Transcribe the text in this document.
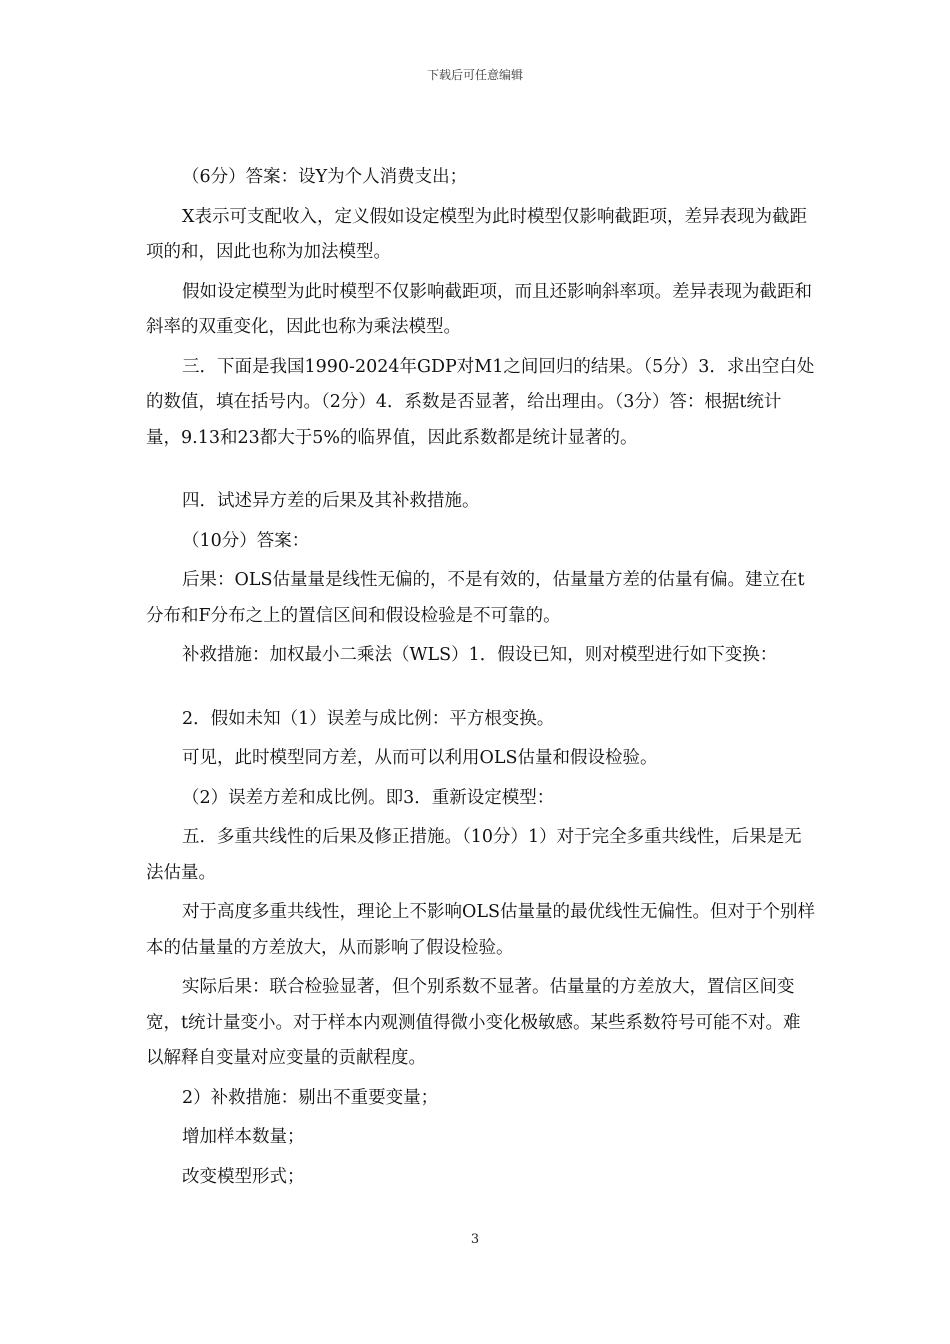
下载后可任意编辑

（6分）答案：设Y为个人消费支出；

X表示可支配收入，定义假如设定模型为此时模型仅影响截距项，差异表现为截距项的和，因此也称为加法模型。

假如设定模型为此时模型不仅影响截距项，而且还影响斜率项。差异表现为截距和斜率的双重变化，因此也称为乘法模型。

三．下面是我国1990-2024年GDP对M1之间回归的结果。（5分）3．求出空白处的数值，填在括号内。（2分）4．系数是否显著，给出理由。（3分）答：根据t统计量，9.13和23都大于5%的临界值，因此系数都是统计显著的。

四．试述异方差的后果及其补救措施。

（10分）答案：

后果：OLS估量量是线性无偏的，不是有效的，估量量方差的估量有偏。建立在t分布和F分布之上的置信区间和假设检验是不可靠的。

补救措施：加权最小二乘法（WLS）1．假设已知，则对模型进行如下变换：

2．假如未知（1）误差与成比例：平方根变换。

可见，此时模型同方差，从而可以利用OLS估量和假设检验。

（2）误差方差和成比例。即3．重新设定模型：

五．多重共线性的后果及修正措施。（10分）1）对于完全多重共线性，后果是无法估量。

对于高度多重共线性，理论上不影响OLS估量量的最优线性无偏性。但对于个别样本的估量量的方差放大，从而影响了假设检验。

实际后果：联合检验显著，但个别系数不显著。估量量的方差放大，置信区间变宽，t统计量变小。对于样本内观测值得微小变化极敏感。某些系数符号可能不对。难以解释自变量对应变量的贡献程度。

2）补救措施：剔出不重要变量；

增加样本数量；

改变模型形式；

3
